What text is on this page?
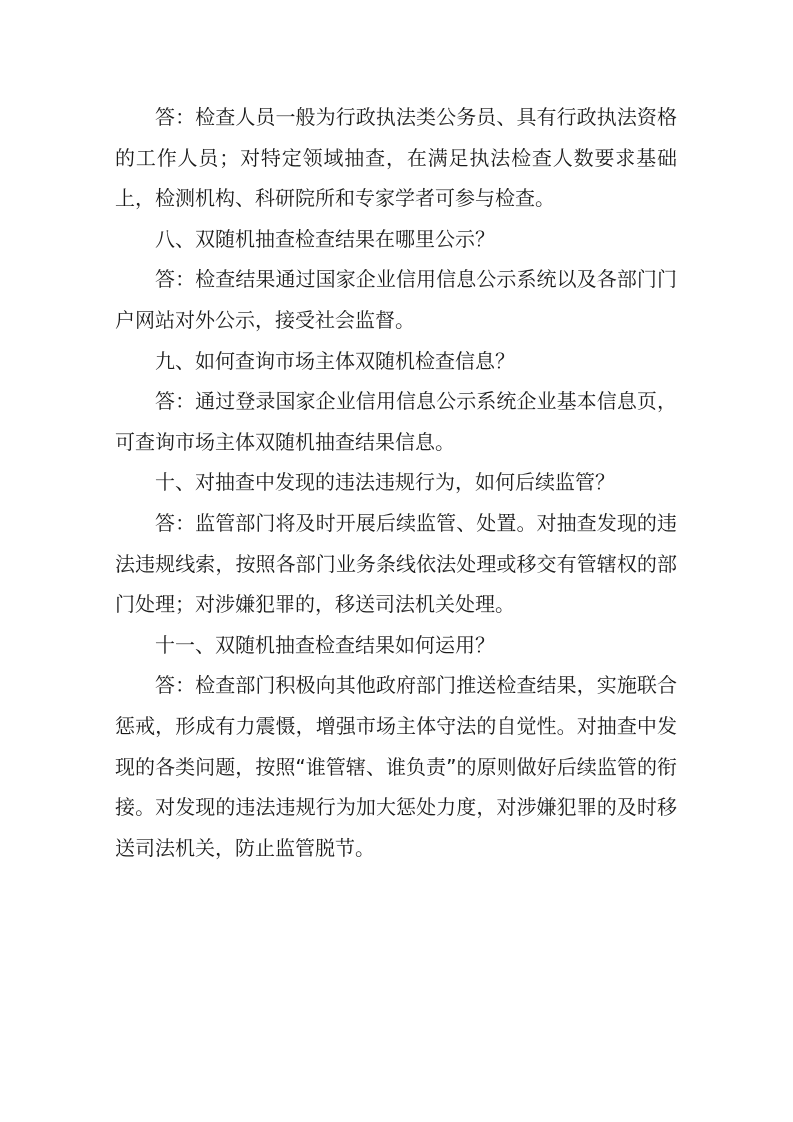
答：检查人员一般为行政执法类公务员、具有行政执法资格的工作人员；对特定领域抽查，在满足执法检查人数要求基础上，检测机构、科研院所和专家学者可参与检查。

八、双随机抽查检查结果在哪里公示？

答：检查结果通过国家企业信用信息公示系统以及各部门门户网站对外公示，接受社会监督。

九、如何查询市场主体双随机检查信息？

答：通过登录国家企业信用信息公示系统企业基本信息页，可查询市场主体双随机抽查结果信息。

十、对抽查中发现的违法违规行为，如何后续监管？

答：监管部门将及时开展后续监管、处置。对抽查发现的违法违规线索，按照各部门业务条线依法处理或移交有管辖权的部门处理；对涉嫌犯罪的，移送司法机关处理。

十一、双随机抽查检查结果如何运用？

答：检查部门积极向其他政府部门推送检查结果，实施联合惩戒，形成有力震慑，增强市场主体守法的自觉性。对抽查中发现的各类问题，按照“谁管辖、谁负责”的原则做好后续监管的衔接。对发现的违法违规行为加大惩处力度，对涉嫌犯罪的及时移送司法机关，防止监管脱节。
